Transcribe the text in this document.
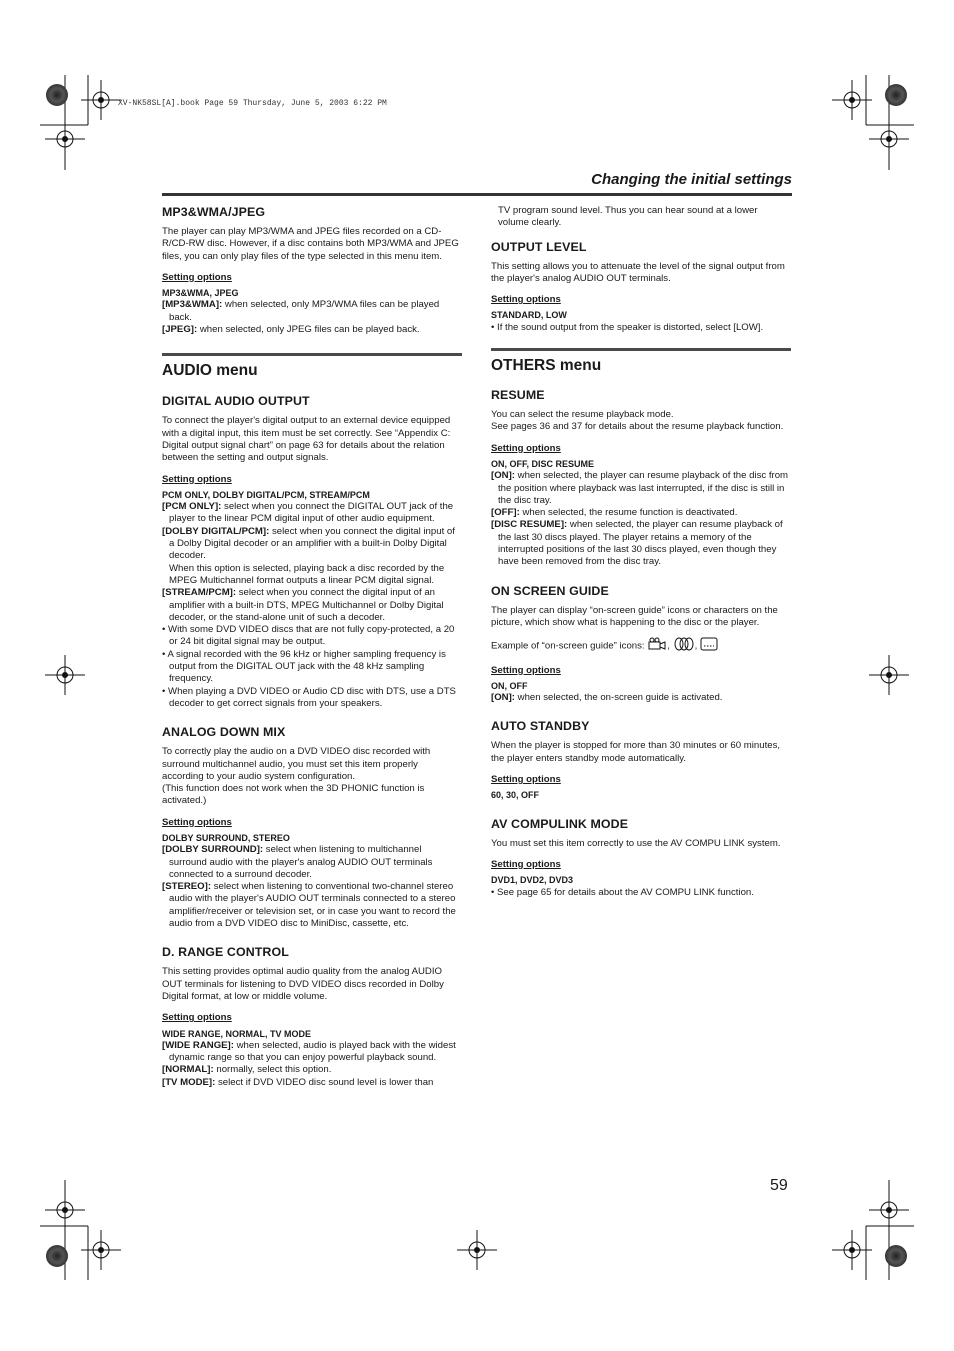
XV-NK58SL[A].book Page 59 Thursday, June 5, 2003 6:22 PM
Changing the initial settings
MP3&WMA/JPEG

The player can play MP3/WMA and JPEG files recorded on a CD-R/CD-RW disc. However, if a disc contains both MP3/WMA and JPEG files, you can only play files of the type selected in this menu item.

Setting options

MP3&WMA, JPEG

[MP3&WMA]: when selected, only MP3/WMA files can be played back.

[JPEG]: when selected, only JPEG files can be played back.

AUDIO menu
DIGITAL AUDIO OUTPUT

To connect the player's digital output to an external device equipped with a digital input, this item must be set correctly. See “Appendix C: Digital output signal chart” on page 63 for details about the relation between the setting and output signals.

Setting options

PCM ONLY, DOLBY DIGITAL/PCM, STREAM/PCM

[PCM ONLY]: select when you connect the DIGITAL OUT jack of the player to the linear PCM digital input of other audio equipment.

[DOLBY DIGITAL/PCM]: select when you connect the digital input of a Dolby Digital decoder or an amplifier with a built-in Dolby Digital decoder.

When this option is selected, playing back a disc recorded by the MPEG Multichannel format outputs a linear PCM digital signal.

[STREAM/PCM]: select when you connect the digital input of an amplifier with a built-in DTS, MPEG Multichannel or Dolby Digital decoder, or the stand-alone unit of such a decoder.

• With some DVD VIDEO discs that are not fully copy-protected, a 20 or 24 bit digital signal may be output.

• A signal recorded with the 96 kHz or higher sampling frequency is output from the DIGITAL OUT jack with the 48 kHz sampling frequency.

• When playing a DVD VIDEO or Audio CD disc with DTS, use a DTS decoder to get correct signals from your speakers.

ANALOG DOWN MIX

To correctly play the audio on a DVD VIDEO disc recorded with surround multichannel audio, you must set this item properly according to your audio system configuration.

(This function does not work when the 3D PHONIC function is activated.)

Setting options

DOLBY SURROUND, STEREO

[DOLBY SURROUND]: select when listening to multichannel surround audio with the player's analog AUDIO OUT terminals connected to a surround decoder.

[STEREO]: select when listening to conventional two-channel stereo audio with the player's AUDIO OUT terminals connected to a stereo amplifier/receiver or television set, or in case you want to record the audio from a DVD VIDEO disc to MiniDisc, cassette, etc.

D. RANGE CONTROL

This setting provides optimal audio quality from the analog AUDIO OUT terminals for listening to DVD VIDEO discs recorded in Dolby Digital format, at low or middle volume.

Setting options

WIDE RANGE, NORMAL, TV MODE

[WIDE RANGE]: when selected, audio is played back with the widest dynamic range so that you can enjoy powerful playback sound.

[NORMAL]: normally, select this option.

[TV MODE]: select if DVD VIDEO disc sound level is lower than

TV program sound level. Thus you can hear sound at a lower volume clearly.

OUTPUT LEVEL

This setting allows you to attenuate the level of the signal output from the player's analog AUDIO OUT terminals.

Setting options

STANDARD, LOW

• If the sound output from the speaker is distorted, select [LOW].

OTHERS menu
RESUME

You can select the resume playback mode.

See pages 36 and 37 for details about the resume playback function.

Setting options

ON, OFF, DISC RESUME

[ON]: when selected, the player can resume playback of the disc from the position where playback was last interrupted, if the disc is still in the disc tray.

[OFF]: when selected, the resume function is deactivated.

[DISC RESUME]: when selected, the player can resume playback of the last 30 discs played. The player retains a memory of the interrupted positions of the last 30 discs played, even though they have been removed from the disc tray.

ON SCREEN GUIDE

The player can display “on-screen guide” icons or characters on the picture, which show what is happening to the disc or the player.

Example of “on-screen guide” icons: , ,

Setting options

ON, OFF

[ON]: when selected, the on-screen guide is activated.

AUTO STANDBY

When the player is stopped for more than 30 minutes or 60 minutes, the player enters standby mode automatically.

Setting options

60, 30, OFF

AV COMPULINK MODE

You must set this item correctly to use the AV COMPU LINK system.

Setting options

DVD1, DVD2, DVD3

• See page 65 for details about the AV COMPU LINK function.

59
